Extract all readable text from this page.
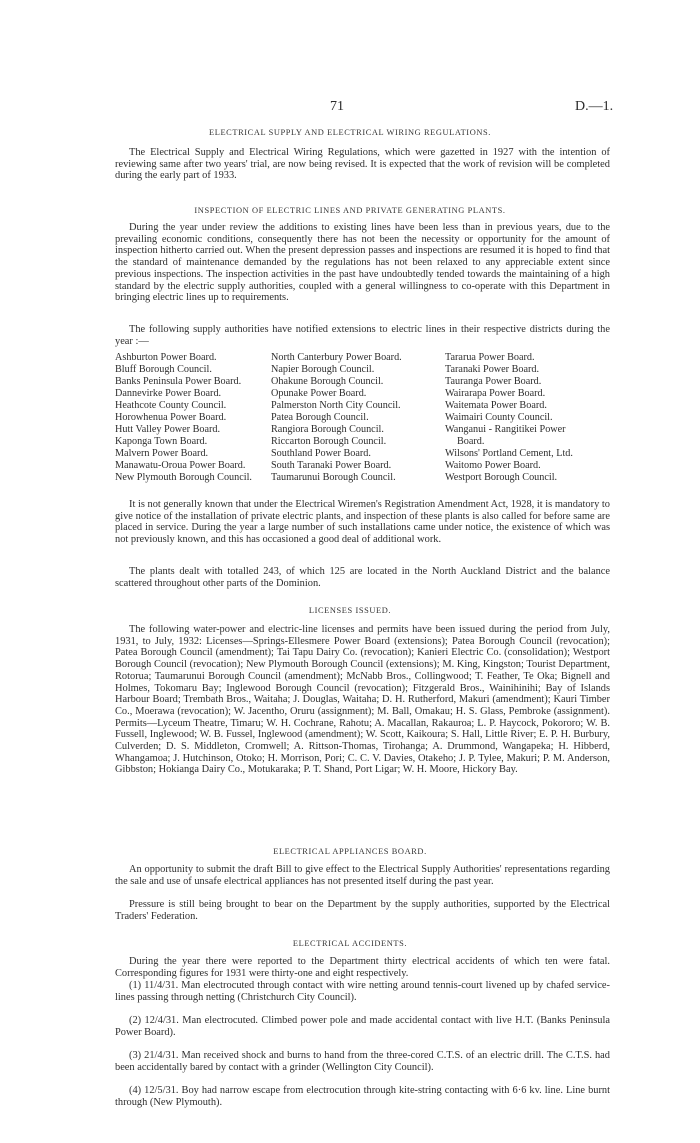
71	D.—1.
ELECTRICAL SUPPLY AND ELECTRICAL WIRING REGULATIONS.

The Electrical Supply and Electrical Wiring Regulations, which were gazetted in 1927 with the intention of reviewing same after two years' trial, are now being revised. It is expected that the work of revision will be completed during the early part of 1933.

INSPECTION OF ELECTRIC LINES AND PRIVATE GENERATING PLANTS.

During the year under review the additions to existing lines have been less than in previous years, due to the prevailing economic conditions, consequently there has not been the necessity or opportunity for the amount of inspection hitherto carried out. When the present depression passes and inspections are resumed it is hoped to find that the standard of maintenance demanded by the regulations has not been relaxed to any appreciable extent since previous inspections. The inspection activities in the past have undoubtedly tended towards the maintaining of a high standard by the electric supply authorities, coupled with a general willingness to co-operate with this Department in bringing electric lines up to requirements.

The following supply authorities have notified extensions to electric lines in their respective districts during the year :—

Ashburton Power Board.
Bluff Borough Council.
Banks Peninsula Power Board.
Dannevirke Power Board.
Heathcote County Council.
Horowhenua Power Board.
Hutt Valley Power Board.
Kaponga Town Board.
Malvern Power Board.
Manawatu-Oroua Power Board.
New Plymouth Borough Council.
North Canterbury Power Board.
Napier Borough Council.
Ohakune Borough Council.
Opunake Power Board.
Palmerston North City Council.
Patea Borough Council.
Rangiora Borough Council.
Riccarton Borough Council.
Southland Power Board.
South Taranaki Power Board.
Taumarunui Borough Council.
Tararua Power Board.
Taranaki Power Board.
Tauranga Power Board.
Wairarapa Power Board.
Waitemata Power Board.
Waimairi County Council.
Wanganui - Rangitikei Power
Board.
Wilsons' Portland Cement, Ltd.
Waitomo Power Board.
Westport Borough Council.

It is not generally known that under the Electrical Wiremen's Registration Amendment Act, 1928, it is mandatory to give notice of the installation of private electric plants, and inspection of these plants is also called for before same are placed in service. During the year a large number of such installations came under notice, the existence of which was not previously known, and this has occasioned a good deal of additional work.

The plants dealt with totalled 243, of which 125 are located in the North Auckland District and the balance scattered throughout other parts of the Dominion.

LICENSES ISSUED.

The following water-power and electric-line licenses and permits have been issued during the period from July, 1931, to July, 1932: Licenses—Springs-Ellesmere Power Board (extensions); Patea Borough Council (revocation); Patea Borough Council (amendment); Tai Tapu Dairy Co. (revocation); Kanieri Electric Co. (consolidation); Westport Borough Council (revocation); New Plymouth Borough Council (extensions); M. King, Kingston; Tourist Department, Rotorua; Taumarunui Borough Council (amendment); McNabb Bros., Collingwood; T. Feather, Te Oka; Bignell and Holmes, Tokomaru Bay; Inglewood Borough Council (revocation); Fitzgerald Bros., Wainihinihi; Bay of Islands Harbour Board; Trembath Bros., Waitaha; J. Douglas, Waitaha; D. H. Rutherford, Makuri (amendment); Kauri Timber Co., Moerawa (revocation); W. Jacentho, Oruru (assignment); M. Ball, Omakau; H. S. Glass, Pembroke (assignment). Permits—Lyceum Theatre, Timaru; W. H. Cochrane, Rahotu; A. Macallan, Rakauroa; L. P. Haycock, Pokororo; W. B. Fussell, Inglewood; W. B. Fussel, Inglewood (amendment); W. Scott, Kaikoura; S. Hall, Little River; E. P. H. Burbury, Culverden; D. S. Middleton, Cromwell; A. Rittson-Thomas, Tirohanga; A. Drummond, Wangapeka; H. Hibberd, Whangamoa; J. Hutchinson, Otoko; H. Morrison, Pori; C. C. V. Davies, Otakeho; J. P. Tylee, Makuri; P. M. Anderson, Gibbston; Hokianga Dairy Co., Motukaraka; P. T. Shand, Port Ligar; W. H. Moore, Hickory Bay.

ELECTRICAL APPLIANCES BOARD.

An opportunity to submit the draft Bill to give effect to the Electrical Supply Authorities' representations regarding the sale and use of unsafe electrical appliances has not presented itself during the past year.

Pressure is still being brought to bear on the Department by the supply authorities, supported by the Electrical Traders' Federation.

ELECTRICAL ACCIDENTS.

During the year there were reported to the Department thirty electrical accidents of which ten were fatal. Corresponding figures for 1931 were thirty-one and eight respectively.

(1) 11/4/31. Man electrocuted through contact with wire netting around tennis-court livened up by chafed service-lines passing through netting (Christchurch City Council).

(2) 12/4/31. Man electrocuted. Climbed power pole and made accidental contact with live H.T. (Banks Peninsula Power Board).

(3) 21/4/31. Man received shock and burns to hand from the three-cored C.T.S. of an electric drill. The C.T.S. had been accidentally bared by contact with a grinder (Wellington City Council).

(4) 12/5/31. Boy had narrow escape from electrocution through kite-string contacting with 6·6 kv. line. Line burnt through (New Plymouth).
